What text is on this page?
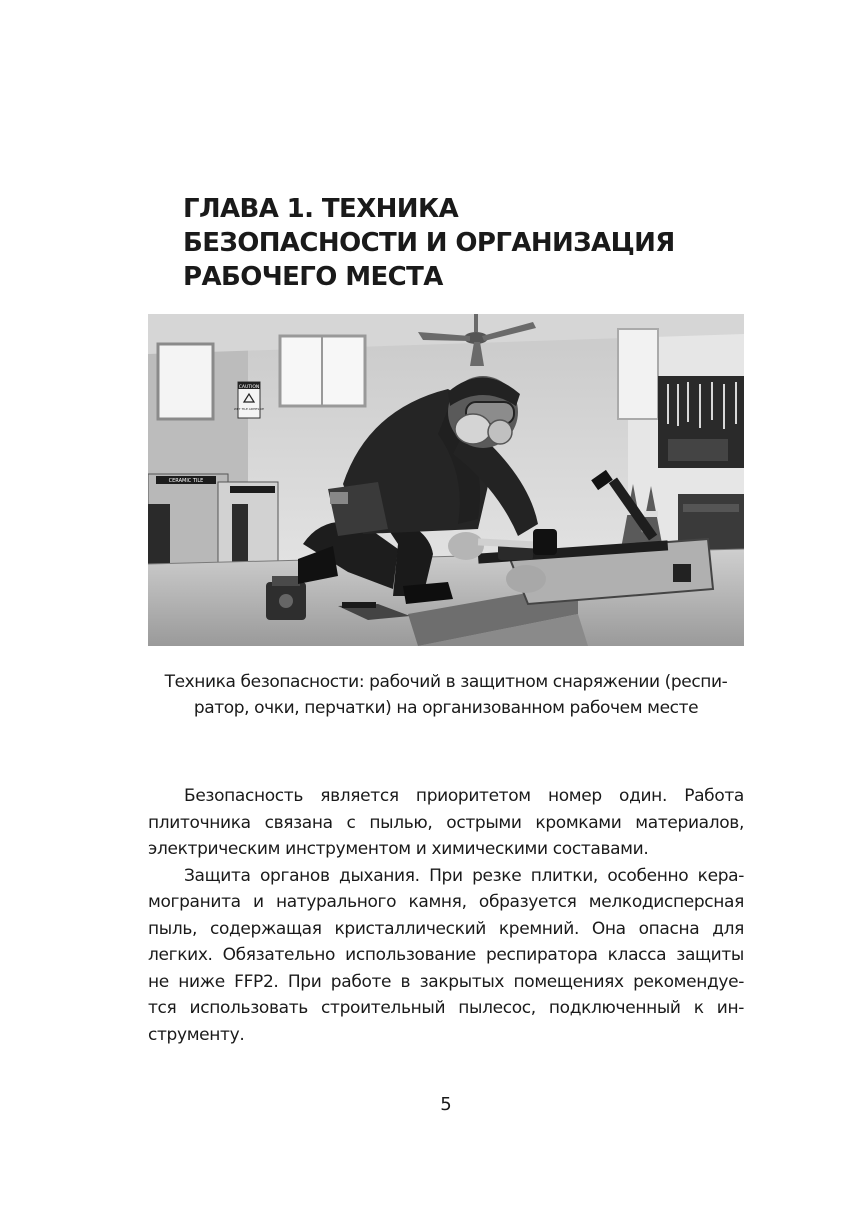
ГЛАВА 1. ТЕХНИКА
БЕЗОПАСНОСТИ И ОРГАНИЗАЦИЯ
РАБОЧЕГО МЕСТА
CAUTION
WET TILE ADHESIVE
CERAMIC TILE

Техника безопасности: рабочий в защитном снаряжении (респи-
ратор, очки, перчатки) на организованном рабочем месте

Безопасность является приоритетом номер один. Работа
плиточника связана с пылью, острыми кромками материалов,
электрическим инструментом и химическими составами.
Защита органов дыхания. При резке плитки, особенно кера-
могранита и натурального камня, образуется мелкодисперсная
пыль, содержащая кристаллический кремний. Она опасна для
легких. Обязательно использование респиратора класса защиты
не ниже FFP2. При работе в закрытых помещениях рекомендуе-
тся использовать строительный пылесос, подключенный к ин-
струменту.
5
